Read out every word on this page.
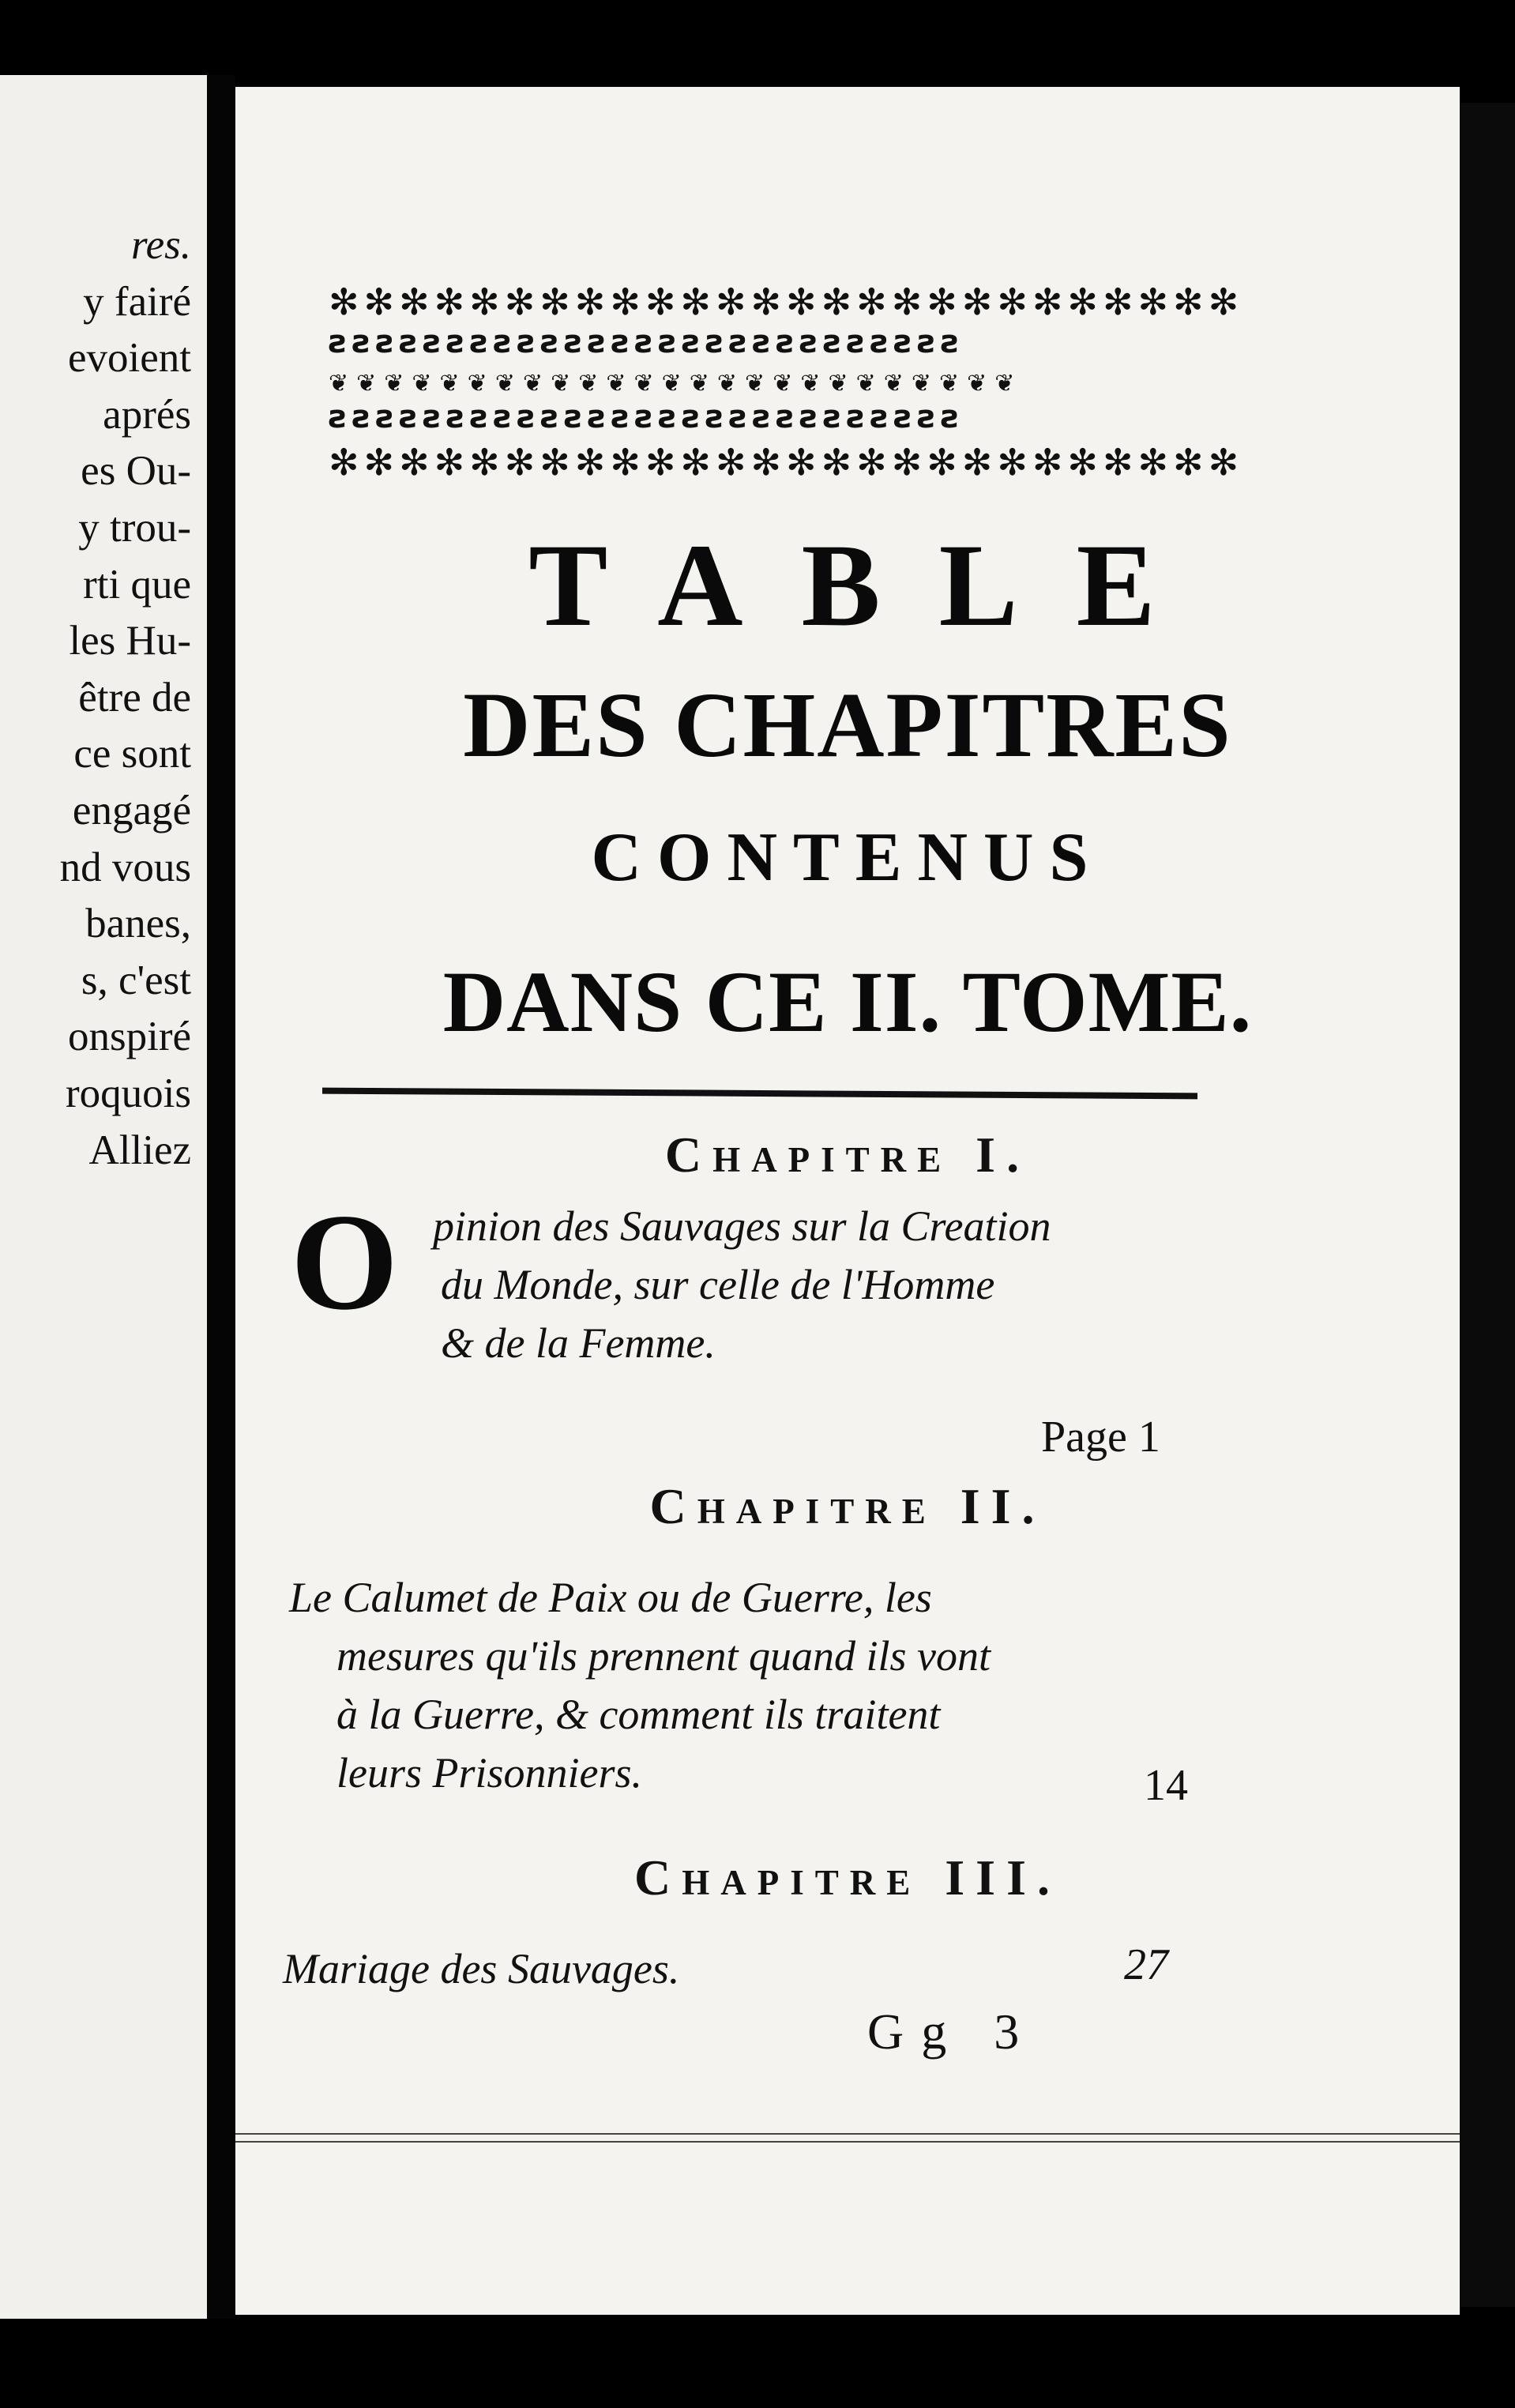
res.
y fairé
evoient
aprés
es Ou-
y trou-
rti que
les Hu-
être de
ce sont
engagé
nd vous
banes,
s, c'est
onspiré
roquois
Alliez
✻✻✻✻✻✻✻✻✻✻✻✻✻✻✻✻✻✻✻✻✻✻✻✻✻✻
ꙅꙅꙅꙅꙅꙅꙅꙅꙅꙅꙅꙅꙅꙅꙅꙅꙅꙅꙅꙅꙅꙅꙅꙅꙅꙅꙅ
❦❦❦❦❦❦❦❦❦❦❦❦❦❦❦❦❦❦❦❦❦❦❦❦❦
ꙅꙅꙅꙅꙅꙅꙅꙅꙅꙅꙅꙅꙅꙅꙅꙅꙅꙅꙅꙅꙅꙅꙅꙅꙅꙅꙅ
✻✻✻✻✻✻✻✻✻✻✻✻✻✻✻✻✻✻✻✻✻✻✻✻✻✻
TABLE
DES CHAPITRES
CONTENUS
DANS CE II. TOME.
Chapitre I.
O pinion des Sauvages sur la Creation
du Monde, sur celle de l'Homme
& de la Femme.
Page 1
Chapitre II.
Le Calumet de Paix ou de Guerre, les
mesures qu'ils prennent quand ils vont
à la Guerre, & comment ils traitent
leurs Prisonniers.	14
Chapitre III.
Mariage des Sauvages.	27
Gg 3
